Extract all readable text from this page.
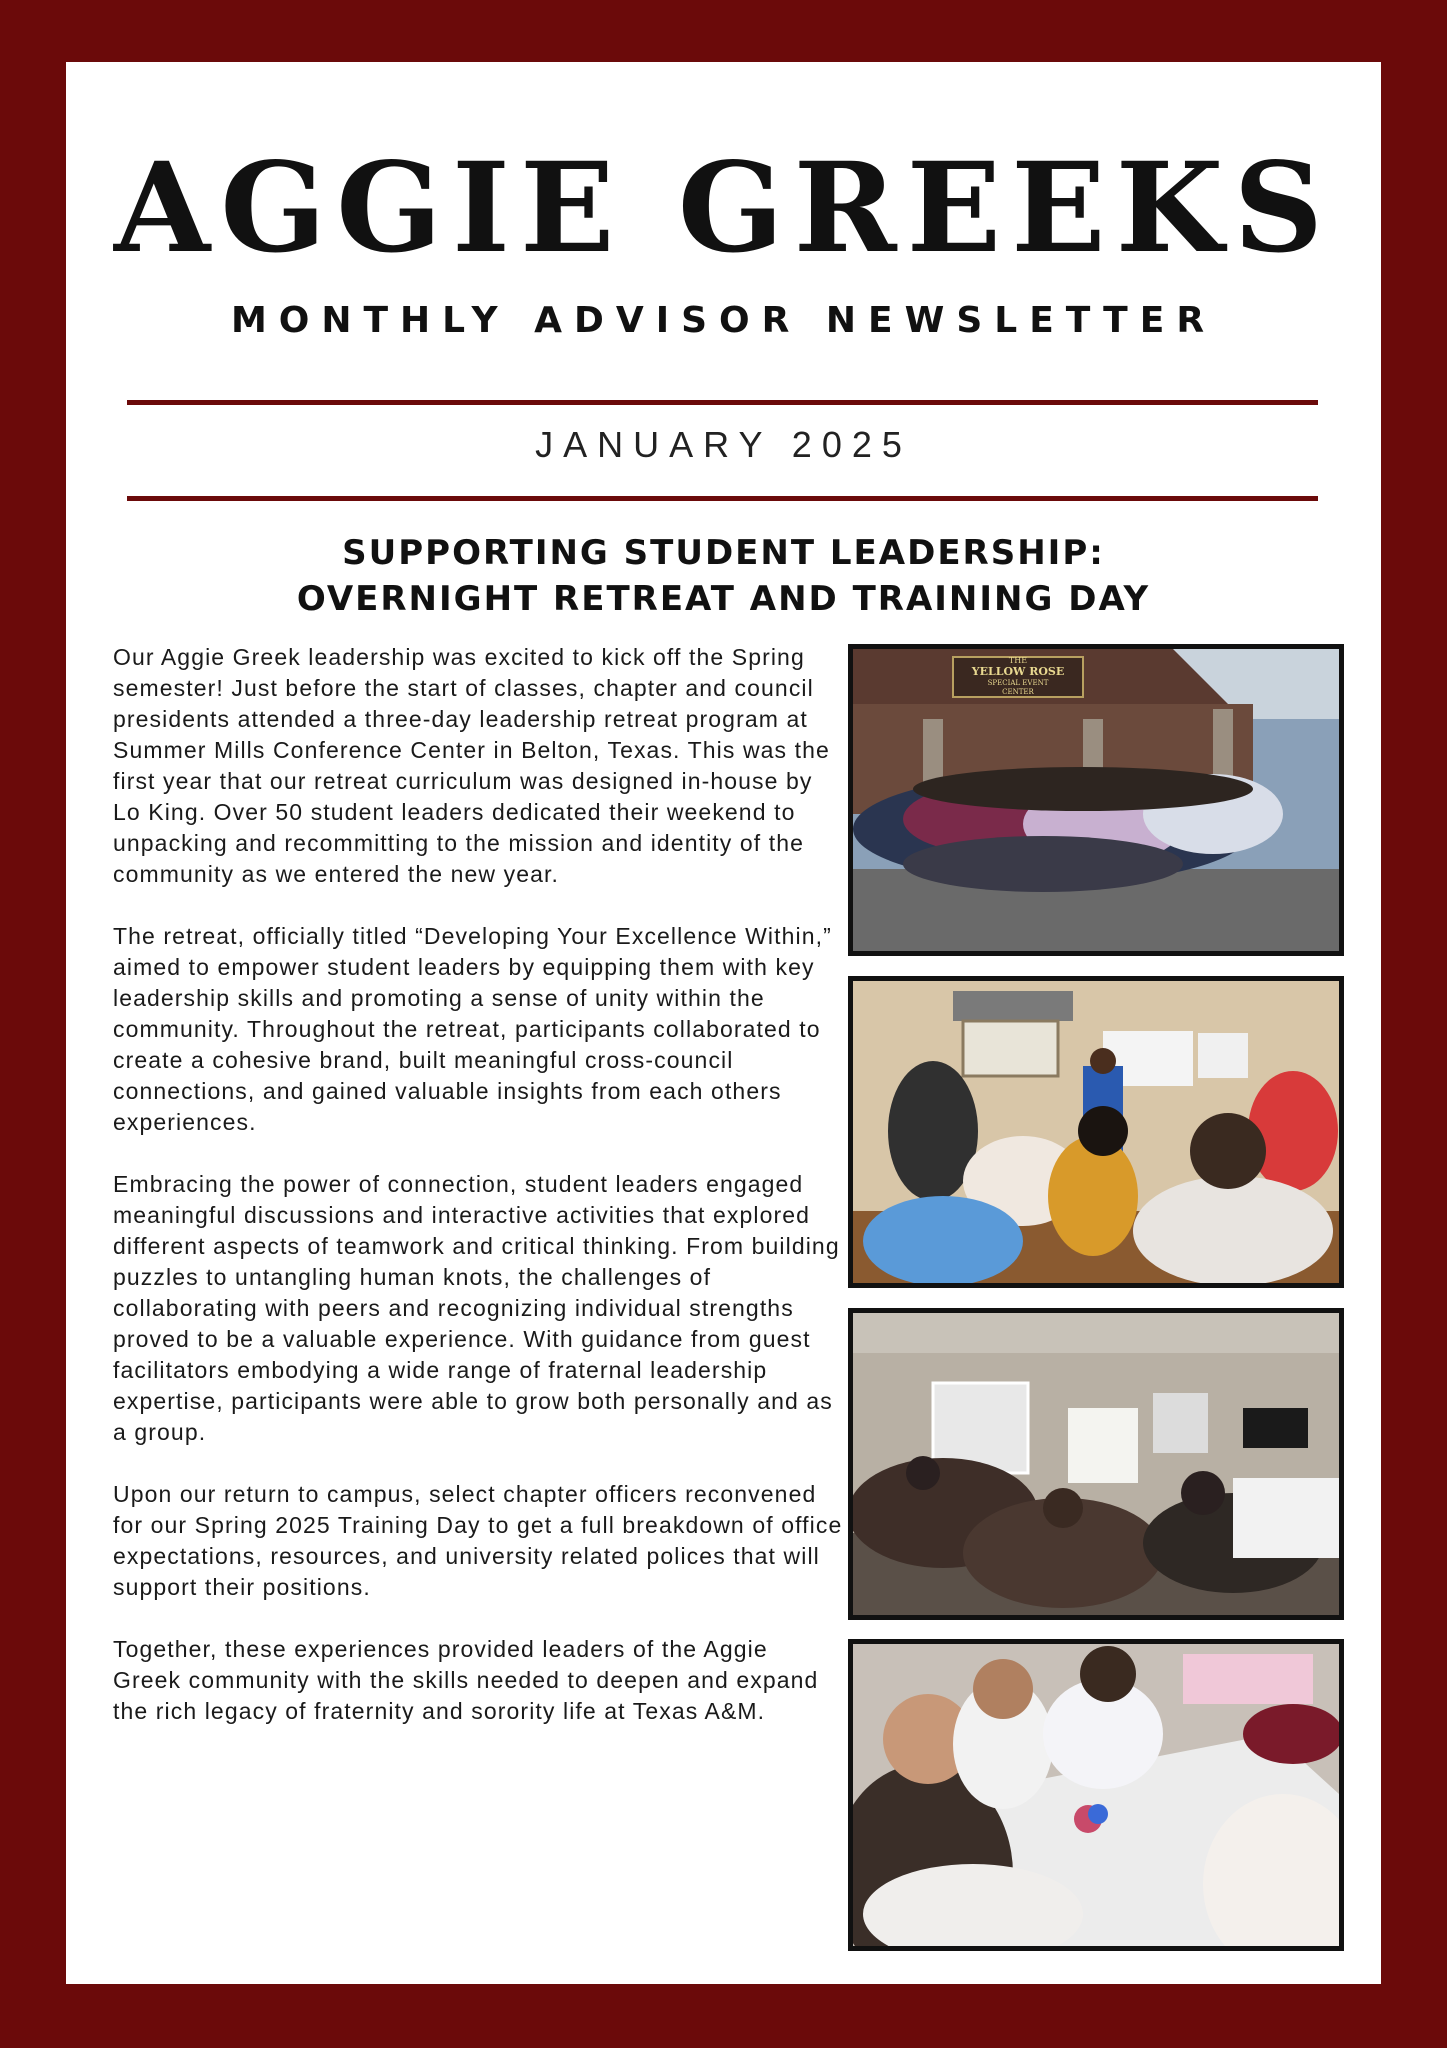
AGGIE GREEKS
MONTHLY ADVISOR NEWSLETTER
JANUARY 2025
SUPPORTING STUDENT LEADERSHIP:
OVERNIGHT RETREAT AND TRAINING DAY

Our Aggie Greek leadership was excited to kick off the Spring semester! Just before the start of classes, chapter and council presidents attended a three-day leadership retreat program at Summer Mills Conference Center in Belton, Texas. This was the first year that our retreat curriculum was designed in-house by Lo King. Over 50 student leaders dedicated their weekend to unpacking and recommitting to the mission and identity of the community as we entered the new year.

The retreat, officially titled “Developing Your Excellence Within,” aimed to empower student leaders by equipping them with key leadership skills and promoting a sense of unity within the community. Throughout the retreat, participants collaborated to create a cohesive brand, built meaningful cross-council connections, and gained valuable insights from each others experiences.

Embracing the power of connection, student leaders engaged meaningful discussions and interactive activities that explored different aspects of teamwork and critical thinking. From building puzzles to untangling human knots, the challenges of collaborating with peers and recognizing individual strengths proved to be a valuable experience. With guidance from guest facilitators embodying a wide range of fraternal leadership expertise, participants were able to grow both personally and as a group.

Upon our return to campus, select chapter officers reconvened for our Spring 2025 Training Day to get a full breakdown of office expectations, resources, and university related polices that will support their positions.

Together, these experiences provided leaders of the Aggie Greek community with the skills needed to deepen and expand the rich legacy of fraternity and sorority life at Texas A&M.

THE
YELLOW ROSE
SPECIAL EVENT
CENTER
